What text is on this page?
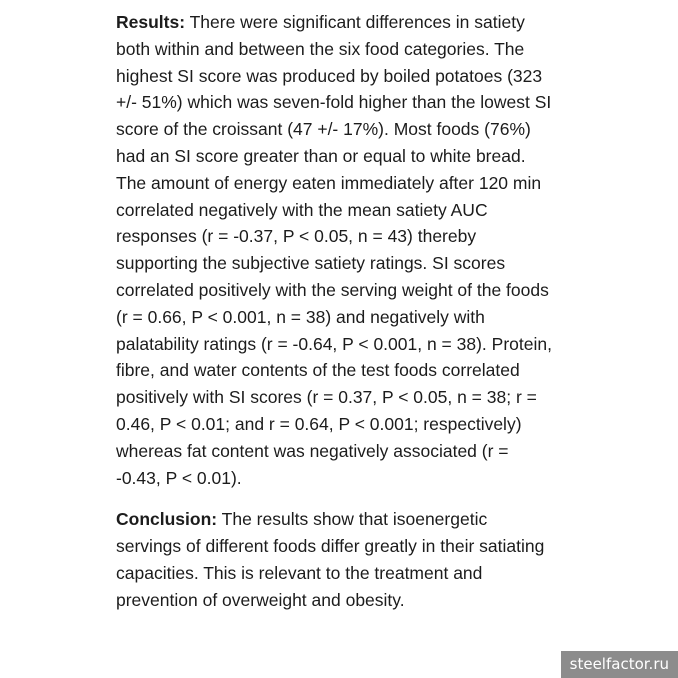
Results: There were significant differences in satiety both within and between the six food categories. The highest SI score was produced by boiled potatoes (323 +/- 51%) which was seven-fold higher than the lowest SI score of the croissant (47 +/- 17%). Most foods (76%) had an SI score greater than or equal to white bread. The amount of energy eaten immediately after 120 min correlated negatively with the mean satiety AUC responses (r = -0.37, P < 0.05, n = 43) thereby supporting the subjective satiety ratings. SI scores correlated positively with the serving weight of the foods (r = 0.66, P < 0.001, n = 38) and negatively with palatability ratings (r = -0.64, P < 0.001, n = 38). Protein, fibre, and water contents of the test foods correlated positively with SI scores (r = 0.37, P < 0.05, n = 38; r = 0.46, P < 0.01; and r = 0.64, P < 0.001; respectively) whereas fat content was negatively associated (r = -0.43, P < 0.01).

Conclusion: The results show that isoenergetic servings of different foods differ greatly in their satiating capacities. This is relevant to the treatment and prevention of overweight and obesity.

steelfactor.ru
